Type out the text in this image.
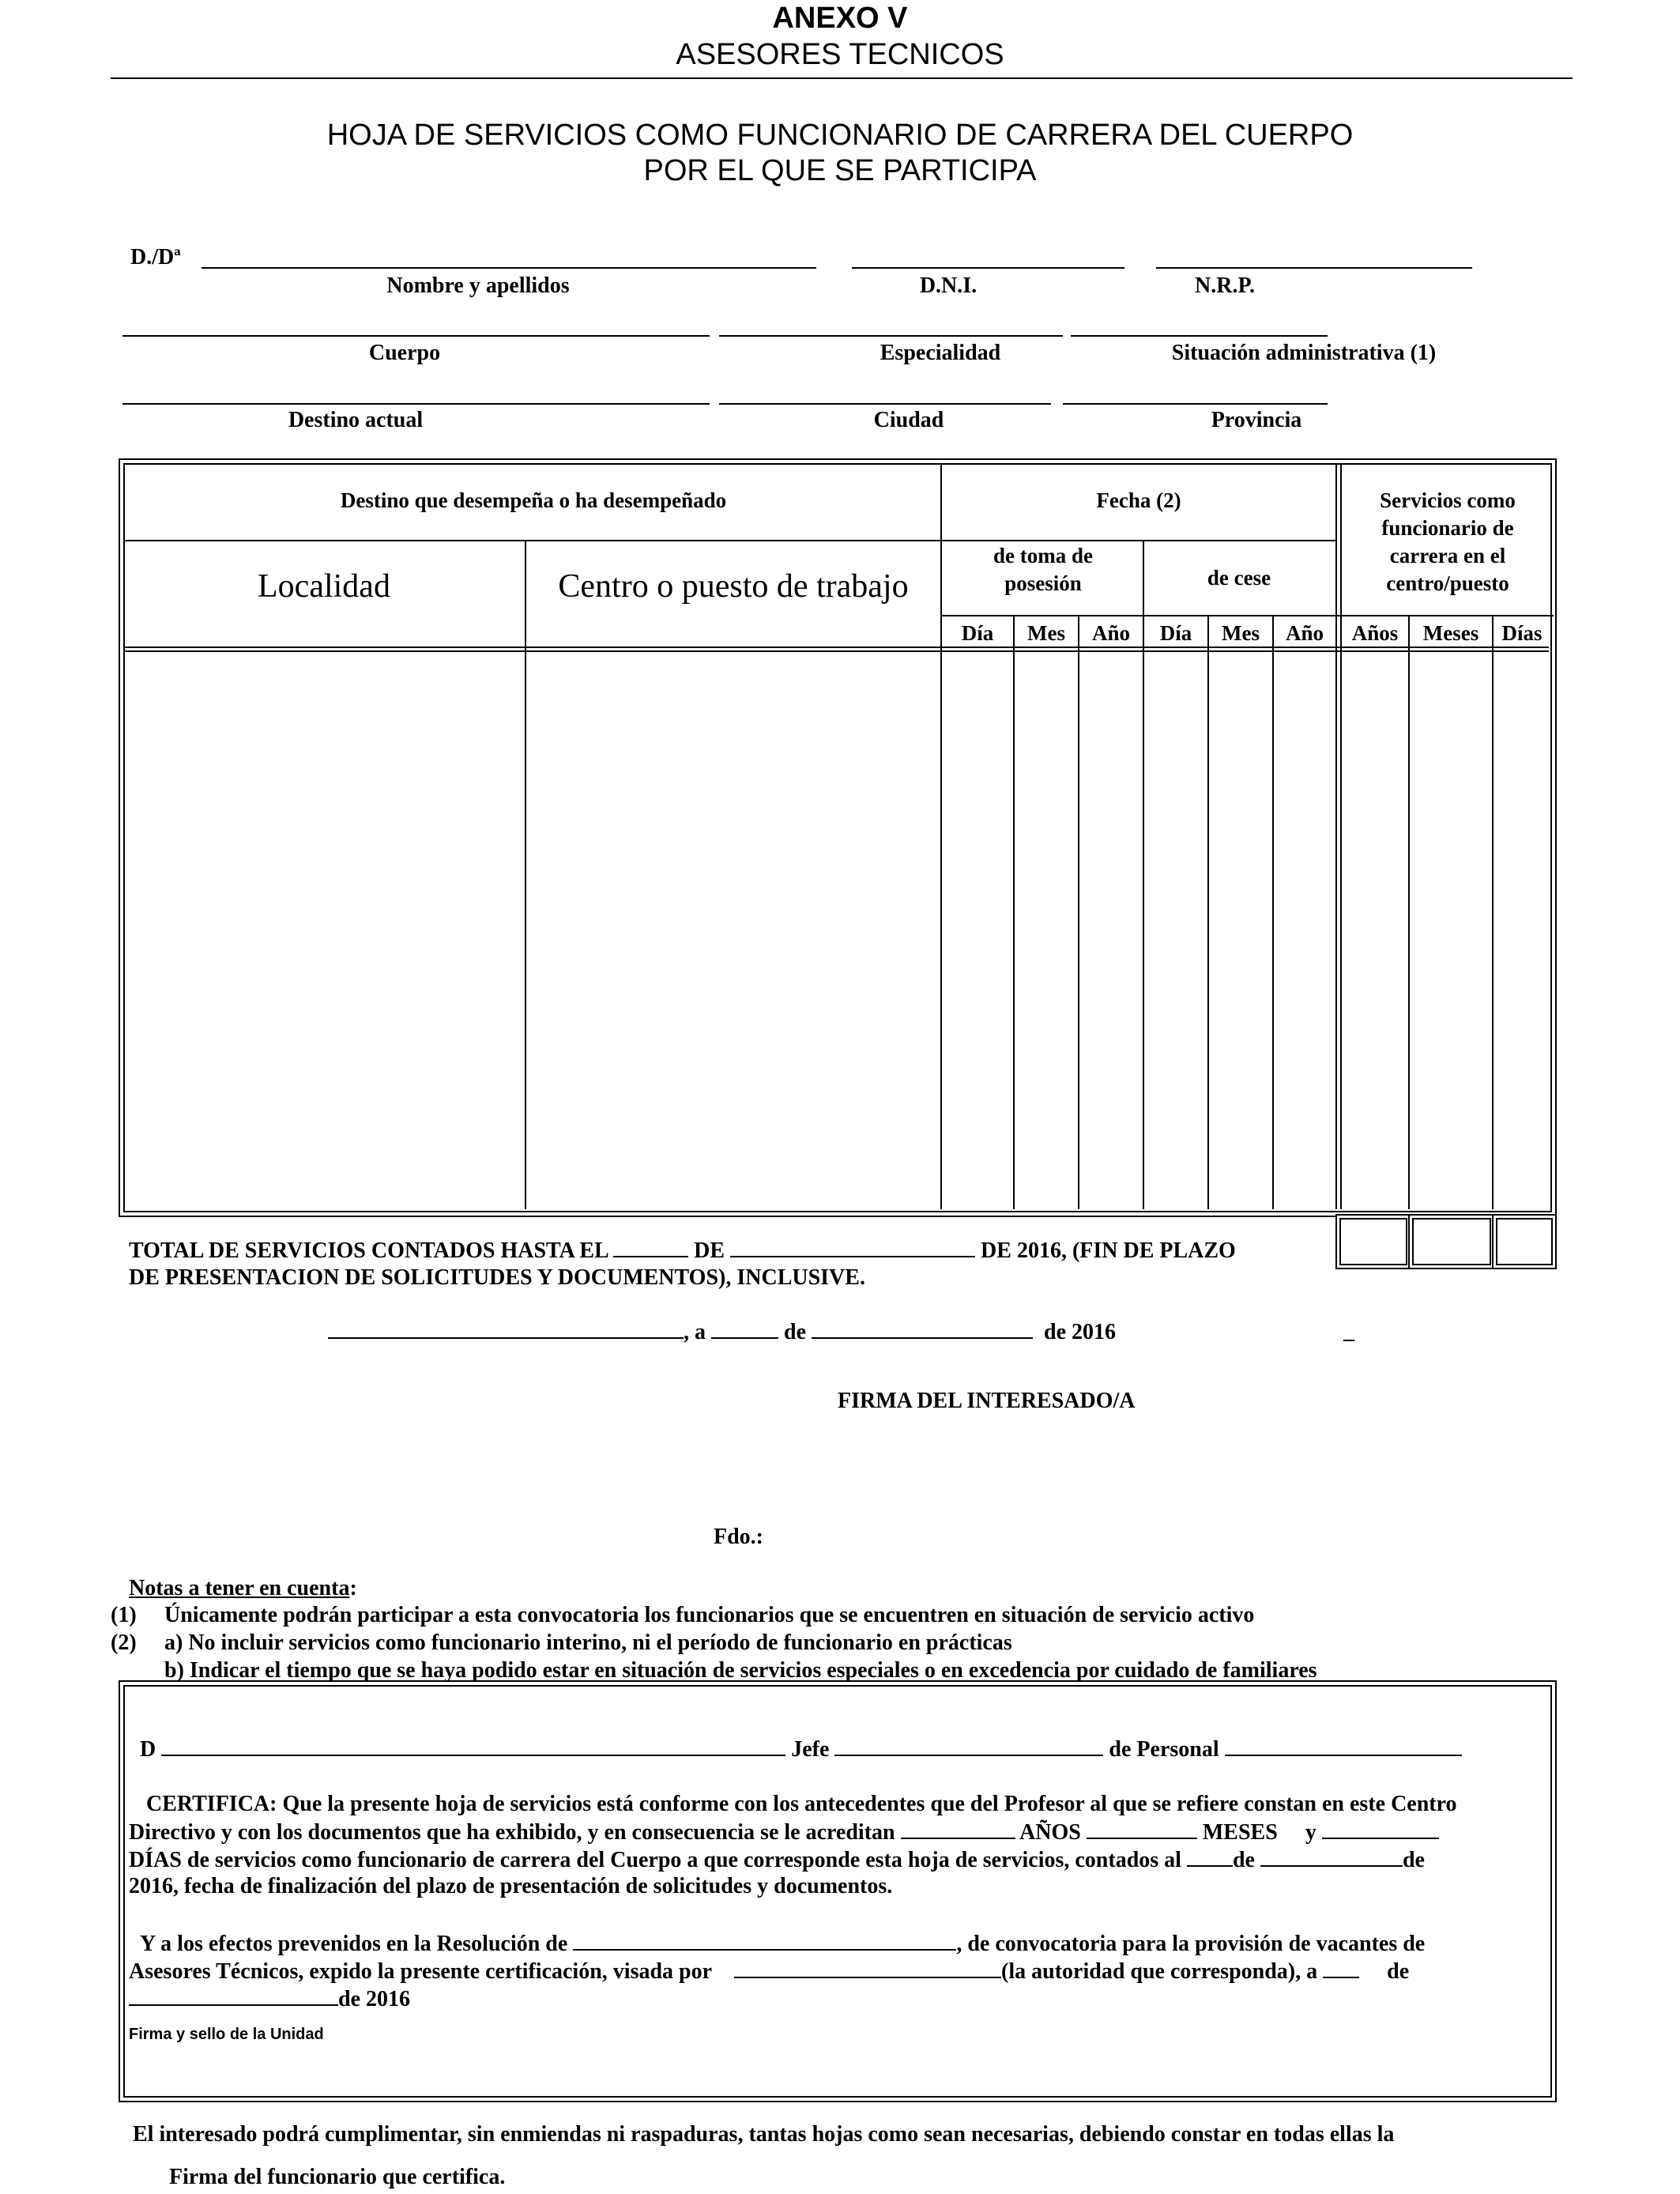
ANEXO V
ASESORES TECNICOS
HOJA DE SERVICIOS COMO FUNCIONARIO DE CARRERA DEL CUERPO
POR EL QUE SE PARTICIPA
D./Dª
Nombre y apellidos	D.N.I.	N.R.P.
Cuerpo	Especialidad	Situación administrativa (1)
Destino actual	Ciudad	Provincia
Destino que desempeña o ha desempeñado
Localidad	Centro o puesto de trabajo
Fecha (2)
de toma de posesión	de cese
Servicios como funcionario de carrera en el centro/puesto
Día	Mes	Año	Día	Mes	Año	Años	Meses	Días
TOTAL DE SERVICIOS CONTADOS HASTA EL	DE	DE 2016, (FIN DE PLAZO
DE PRESENTACION DE SOLICITUDES Y DOCUMENTOS), INCLUSIVE.
, a	de	de 2016	_
FIRMA DEL INTERESADO/A
Fdo.:
Notas a tener en cuenta:
(1) Únicamente podrán participar a esta convocatoria los funcionarios que se encuentren en situación de servicio activo
(2) a) No incluir servicios como funcionario interino, ni el período de funcionario en prácticas
b) Indicar el tiempo que se haya podido estar en situación de servicios especiales o en excedencia por cuidado de familiares
D	Jefe	de Personal
CERTIFICA: Que la presente hoja de servicios está conforme con los antecedentes que del Profesor al que se refiere constan en este Centro
Directivo y con los documentos que ha exhibido, y en consecuencia se le acreditan	AÑOS	MESES y
DÍAS de servicios como funcionario de carrera del Cuerpo a que corresponde esta hoja de servicios, contados al de	de
2016, fecha de finalización del plazo de presentación de solicitudes y documentos.
Y a los efectos prevenidos en la Resolución de	, de convocatoria para la provisión de vacantes de
Asesores Técnicos, expido la presente certificación, visada por	(la autoridad que corresponda), a	de
de 2016
Firma y sello de la Unidad
El interesado podrá cumplimentar, sin enmiendas ni raspaduras, tantas hojas como sean necesarias, debiendo constar en todas ellas la
Firma del funcionario que certifica.
